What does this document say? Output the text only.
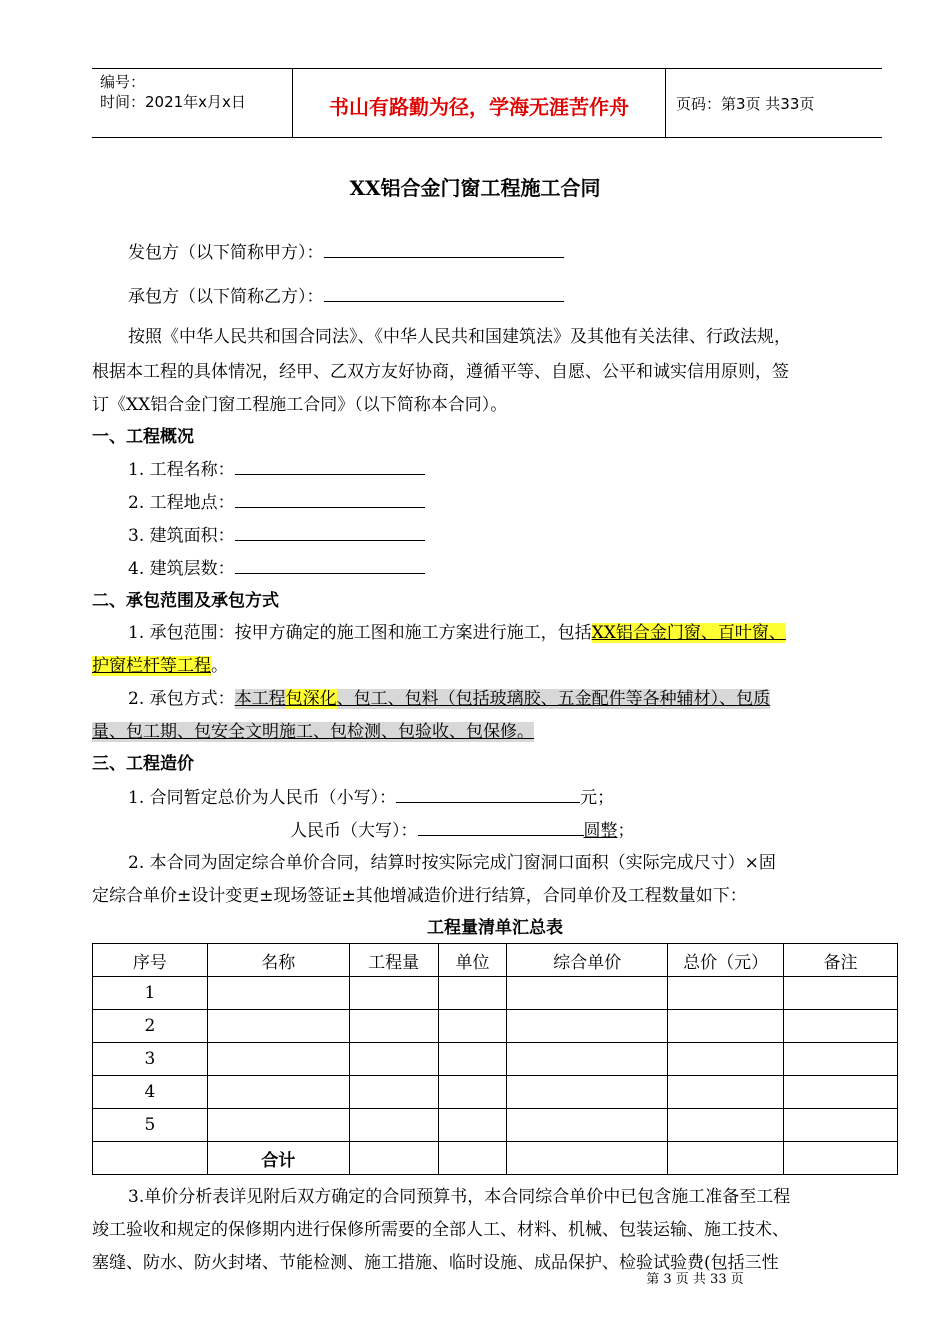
编号：
时间：2021年x月x日	书山有路勤为径，学海无涯苦作舟	页码：第3页 共33页
XX铝合金门窗工程施工合同
发包方（以下简称甲方）：
承包方（以下简称乙方）：
按照《中华人民共和国合同法》、《中华人民共和国建筑法》及其他有关法律、行政法规，
根据本工程的具体情况，经甲、乙双方友好协商，遵循平等、自愿、公平和诚实信用原则，签
订《XX铝合金门窗工程施工合同》（以下简称本合同）。
一、工程概况
1. 工程名称：
2. 工程地点：
3. 建筑面积：
4. 建筑层数：
二、承包范围及承包方式
1. 承包范围：按甲方确定的施工图和施工方案进行施工，包括XX铝合金门窗、百叶窗、
护窗栏杆等工程。
2. 承包方式：本工程包深化、包工、包料（包括玻璃胶、五金配件等各种辅材）、包质
量、包工期、包安全文明施工、包检测、包验收、包保修。
三、工程造价
1. 合同暂定总价为人民币（小写）：	元；
人民币（大写）：	圆整；
2. 本合同为固定综合单价合同，结算时按实际完成门窗洞口面积（实际完成尺寸）×固
定综合单价±设计变更±现场签证±其他增减造价进行结算，合同单价及工程数量如下：
工程量清单汇总表
序号	名称	工程量	单位	综合单价	总价（元）	备注
1						
2						
3						
4						
5						
	合计					
3.单价分析表详见附后双方确定的合同预算书，本合同综合单价中已包含施工准备至工程
竣工验收和规定的保修期内进行保修所需要的全部人工、材料、机械、包装运输、施工技术、
塞缝、防水、防火封堵、节能检测、施工措施、临时设施、成品保护、检验试验费(包括三性
第 3 页 共 33 页
